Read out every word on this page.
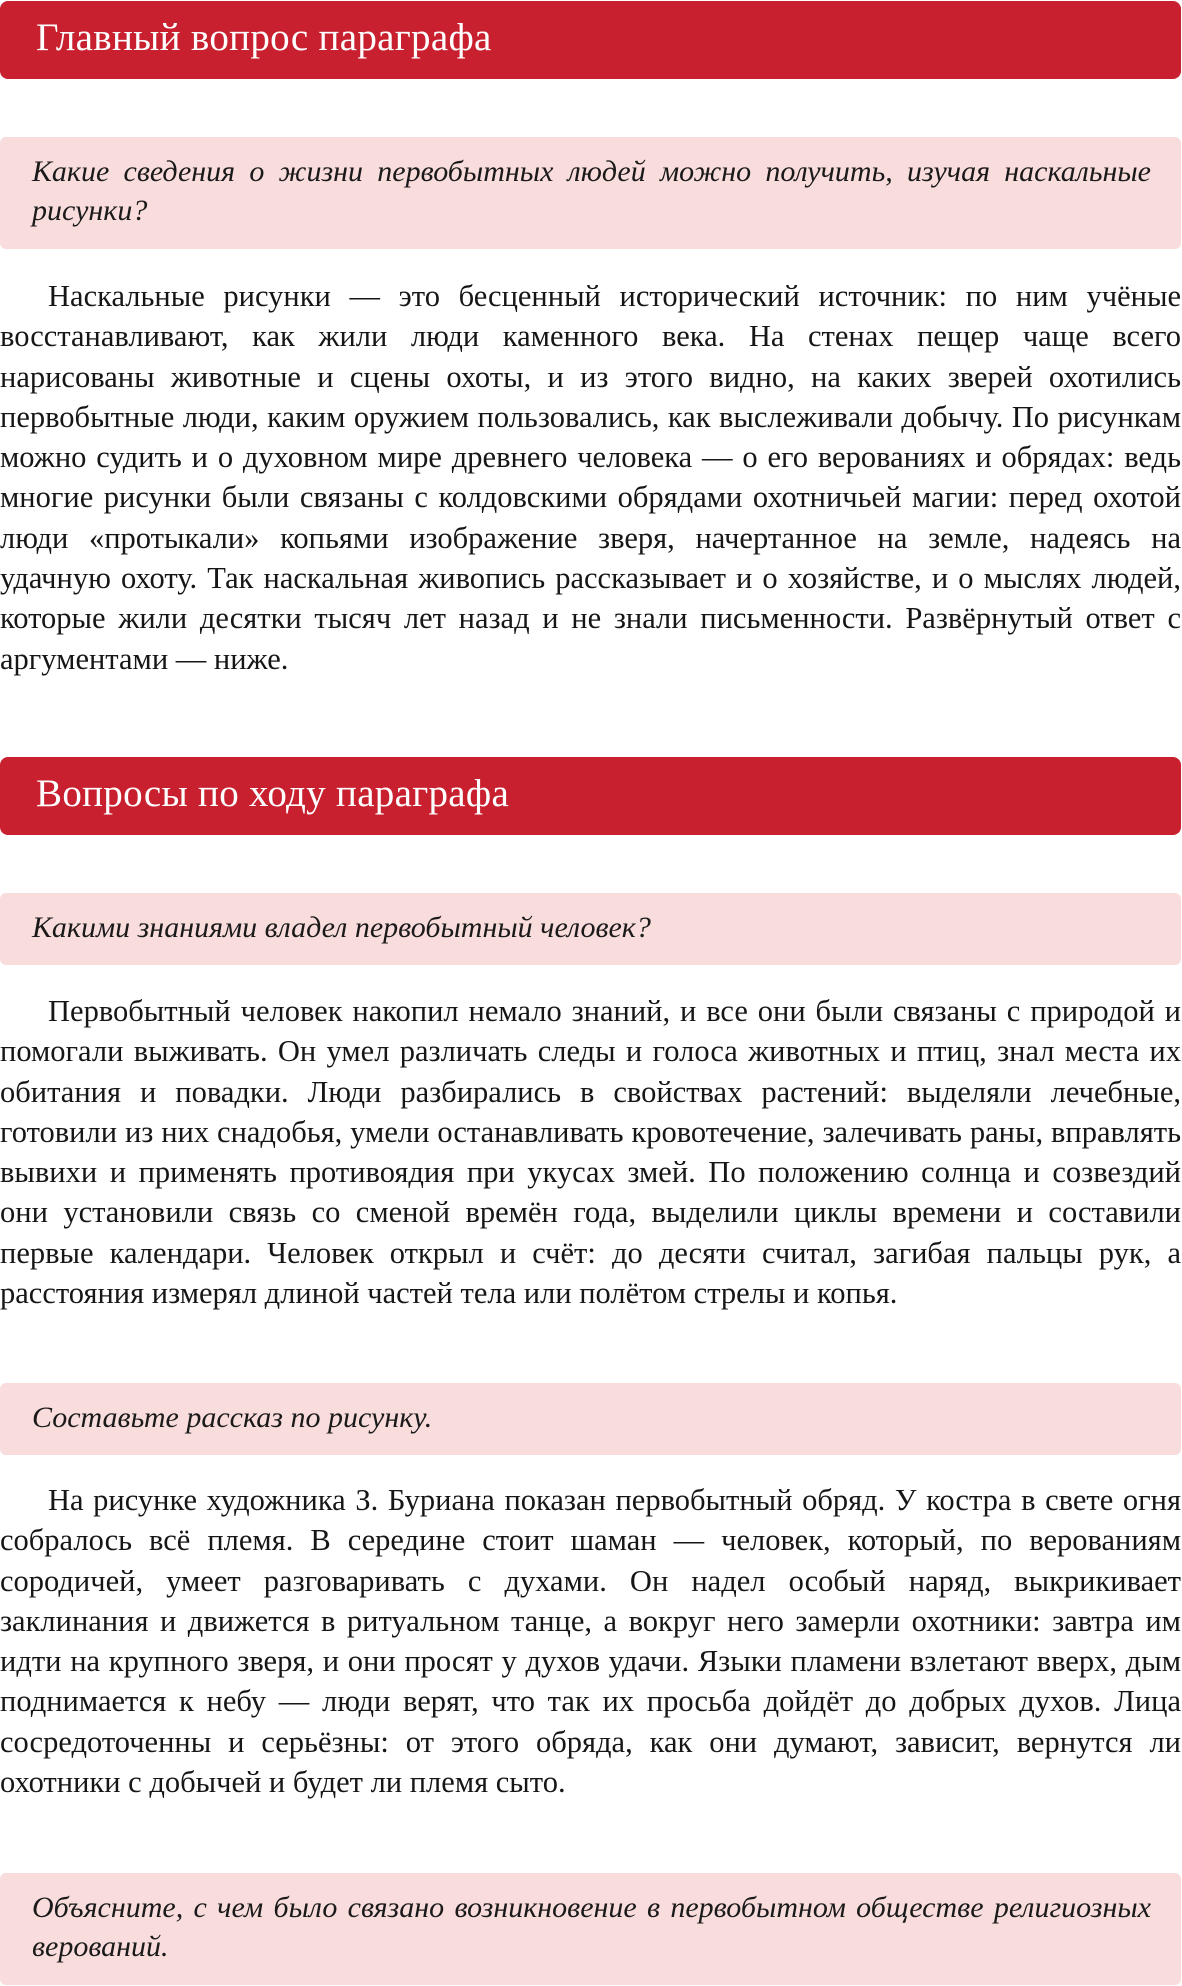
Главный вопрос параграфа
Какие сведения о жизни первобытных людей можно получить, изучая наскальные рисунки?

Наскальные рисунки — это бесценный исторический источник: по ним учёные восстанавливают, как жили люди каменного века. На стенах пещер чаще всего нарисованы животные и сцены охоты, и из этого видно, на каких зверей охотились первобытные люди, каким оружием пользовались, как выслеживали добычу. По рисункам можно судить и о духовном мире древнего человека — о его верованиях и обрядах: ведь многие рисунки были связаны с колдовскими обрядами охотничьей магии: перед охотой люди «протыкали» копьями изображение зверя, начертанное на земле, надеясь на удачную охоту. Так наскальная живопись рассказывает и о хозяйстве, и о мыслях людей, которые жили десятки тысяч лет назад и не знали письменности. Развёрнутый ответ с аргументами — ниже.

Вопросы по ходу параграфа
Какими знаниями владел первобытный человек?

Первобытный человек накопил немало знаний, и все они были связаны с природой и помогали выживать. Он умел различать следы и голоса животных и птиц, знал места их обитания и повадки. Люди разбирались в свойствах растений: выделяли лечебные, готовили из них снадобья, умели останавливать кровотечение, залечивать раны, вправлять вывихи и применять противоядия при укусах змей. По положению солнца и созвездий они установили связь со сменой времён года, выделили циклы времени и составили первые календари. Человек открыл и счёт: до десяти считал, загибая пальцы рук, а расстояния измерял длиной частей тела или полётом стрелы и копья.

Составьте рассказ по рисунку.

На рисунке художника З. Буриана показан первобытный обряд. У костра в свете огня собралось всё племя. В середине стоит шаман — человек, который, по верованиям сородичей, умеет разговаривать с духами. Он надел особый наряд, выкрикивает заклинания и движется в ритуальном танце, а вокруг него замерли охотники: завтра им идти на крупного зверя, и они просят у духов удачи. Языки пламени взлетают вверх, дым поднимается к небу — люди верят, что так их просьба дойдёт до добрых духов. Лица сосредоточенны и серьёзны: от этого обряда, как они думают, зависит, вернутся ли охотники с добычей и будет ли племя сыто.

Объясните, с чем было связано возникновение в первобытном обществе религиозных верований.
